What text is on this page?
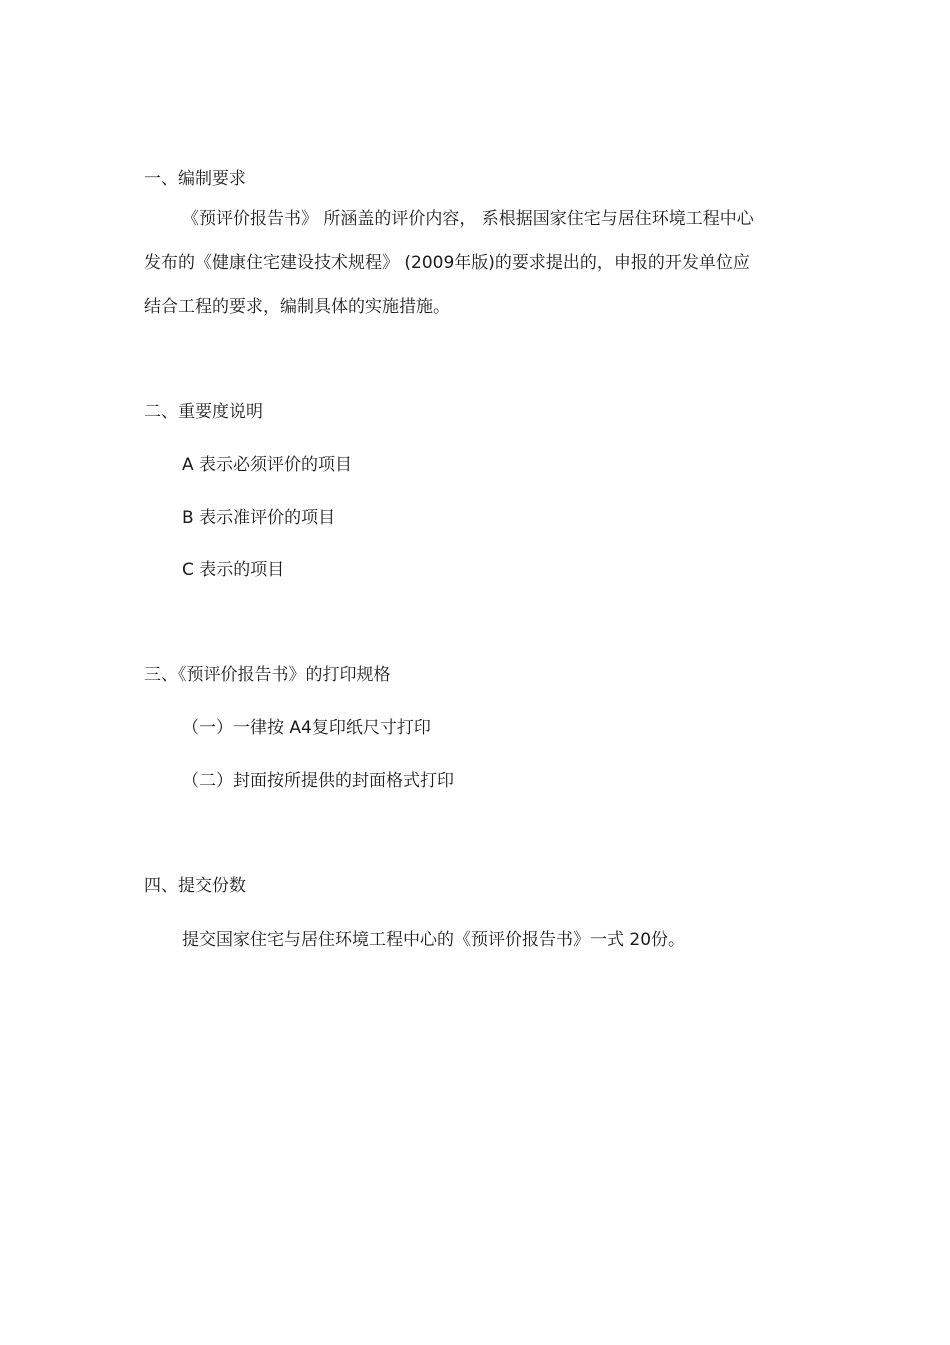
一、编制要求
《预评价报告书》 所涵盖的评价内容， 系根据国家住宅与居住环境工程中心
发布的《健康住宅建设技术规程》 (2009年版)的要求提出的，申报的开发单位应
结合工程的要求，编制具体的实施措施。
二、重要度说明
A 表示必须评价的项目
B 表示准评价的项目
C 表示的项目
三、《预评价报告书》的打印规格
（一）一律按 A4复印纸尺寸打印
（二）封面按所提供的封面格式打印
四、提交份数
提交国家住宅与居住环境工程中心的《预评价报告书》一式 20份。
